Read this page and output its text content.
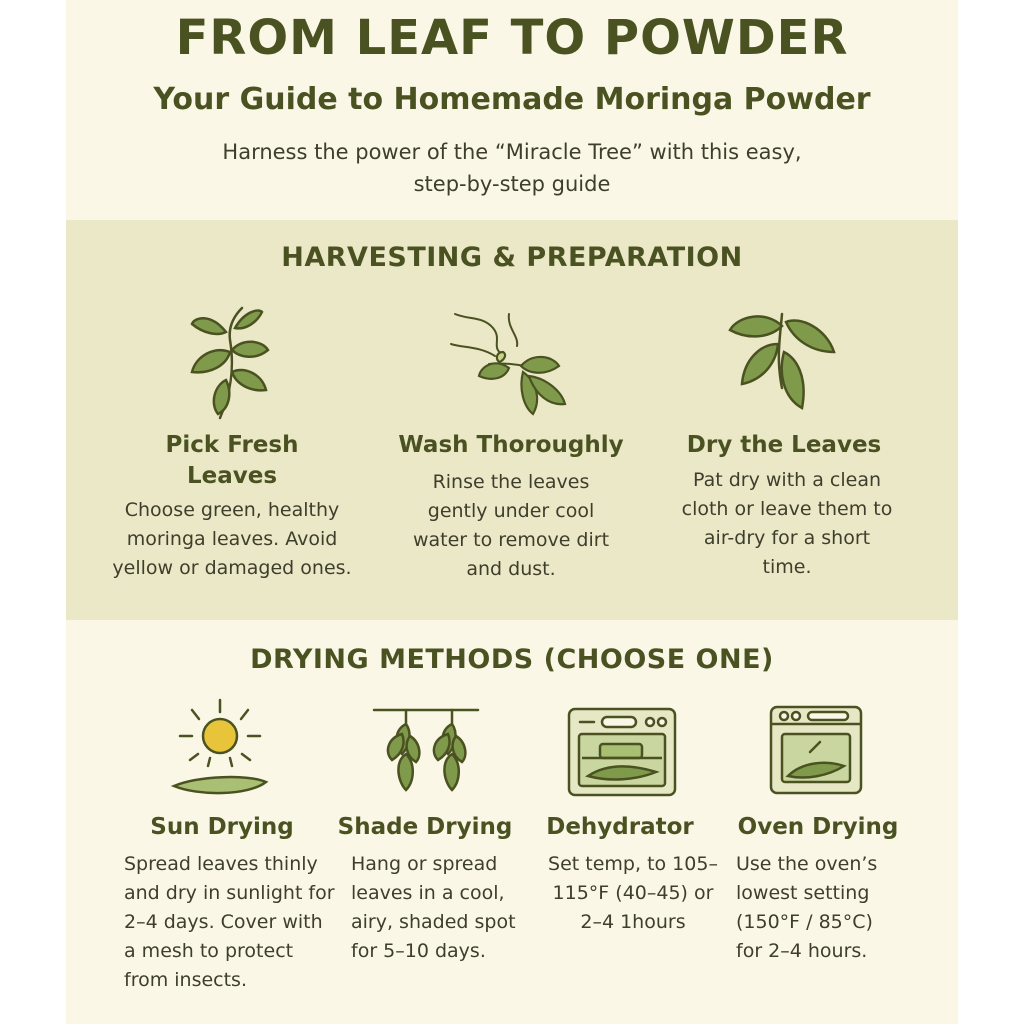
FROM LEAF TO POWDER
Your Guide to Homemade Moringa Powder
Harness the power of the “Miracle Tree” with this easy,
step-by-step guide
HARVESTING & PREPARATION
Pick Fresh Leaves
Choose green, healthy moringa leaves. Avoid yellow or damaged ones.
Wash Thoroughly
Rinse the leaves gently under cool water to remove dirt and dust.
Dry the Leaves
Pat dry with a clean cloth or leave them to air-dry for a short time.
DRYING METHODS (CHOOSE ONE)
Sun Drying	Shade Drying	Dehydrator	Oven Drying
Spread leaves thinly and dry in sunlight for 2–4 days. Cover with a mesh to protect from insects.
Hang or spread leaves in a cool, airy, shaded spot for 5–10 days.
Set temp, to 105–115°F (40–45) or 2–4 1hours
Use the oven’s lowest setting (150°F / 85°C) for 2–4 hours.
